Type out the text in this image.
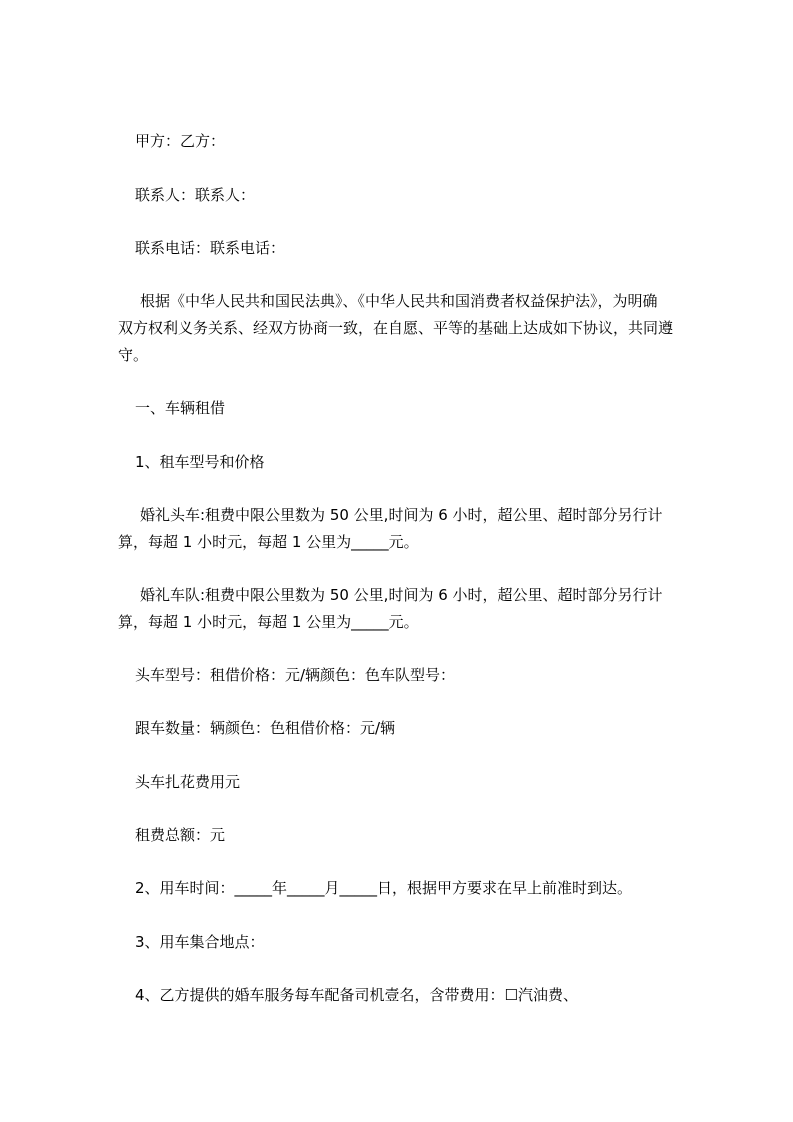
甲方：乙方：

联系人：联系人：

联系电话：联系电话：

根据《中华人民共和国民法典》、《中华人民共和国消费者权益保护法》，为明确

双方权利义务关系、经双方协商一致，在自愿、平等的基础上达成如下协议，共同遵

守。

一、车辆租借

1、租车型号和价格

婚礼头车:租费中限公里数为 50 公里,时间为 6 小时，超公里、超时部分另行计

算，每超 1 小时元，每超 1 公里为_____元。

婚礼车队:租费中限公里数为 50 公里,时间为 6 小时，超公里、超时部分另行计

算，每超 1 小时元，每超 1 公里为_____元。

头车型号：租借价格：元/辆颜色：色车队型号：

跟车数量：辆颜色：色租借价格：元/辆

头车扎花费用元

租费总额：元

2、用车时间：_____年_____月_____日，根据甲方要求在早上前准时到达。

3、用车集合地点：

4、乙方提供的婚车服务每车配备司机壹名，含带费用：☐汽油费、
